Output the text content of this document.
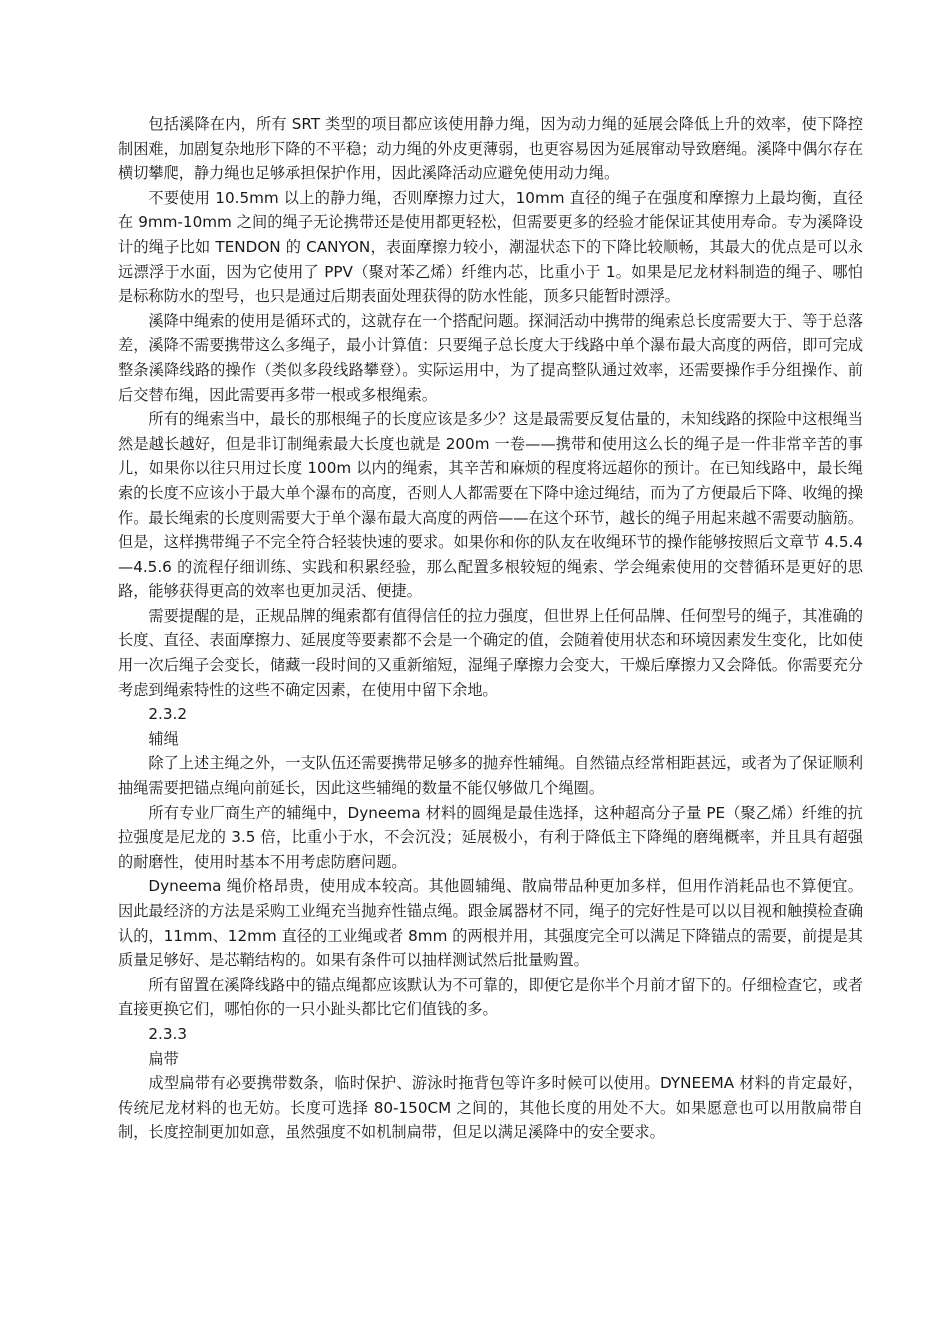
包括溪降在内，所有 SRT 类型的项目都应该使用静力绳，因为动力绳的延展会降低上升的效率，使下降控制困难，加剧复杂地形下降的不平稳；动力绳的外皮更薄弱，也更容易因为延展窜动导致磨绳。溪降中偶尔存在横切攀爬，静力绳也足够承担保护作用，因此溪降活动应避免使用动力绳。

不要使用 10.5mm 以上的静力绳，否则摩擦力过大，10mm 直径的绳子在强度和摩擦力上最均衡，直径在 9mm-10mm 之间的绳子无论携带还是使用都更轻松，但需要更多的经验才能保证其使用寿命。专为溪降设计的绳子比如 TENDON 的 CANYON，表面摩擦力较小，潮湿状态下的下降比较顺畅，其最大的优点是可以永远漂浮于水面，因为它使用了 PPV（聚对苯乙烯）纤维内芯，比重小于 1。如果是尼龙材料制造的绳子、哪怕是标称防水的型号，也只是通过后期表面处理获得的防水性能，顶多只能暂时漂浮。

溪降中绳索的使用是循环式的，这就存在一个搭配问题。探洞活动中携带的绳索总长度需要大于、等于总落差，溪降不需要携带这么多绳子，最小计算值：只要绳子总长度大于线路中单个瀑布最大高度的两倍，即可完成整条溪降线路的操作（类似多段线路攀登）。实际运用中，为了提高整队通过效率，还需要操作手分组操作、前后交替布绳，因此需要再多带一根或多根绳索。

所有的绳索当中，最长的那根绳子的长度应该是多少？这是最需要反复估量的，未知线路的探险中这根绳当然是越长越好，但是非订制绳索最大长度也就是 200m 一卷——携带和使用这么长的绳子是一件非常辛苦的事儿，如果你以往只用过长度 100m 以内的绳索，其辛苦和麻烦的程度将远超你的预计。在已知线路中，最长绳索的长度不应该小于最大单个瀑布的高度，否则人人都需要在下降中途过绳结，而为了方便最后下降、收绳的操作。最长绳索的长度则需要大于单个瀑布最大高度的两倍——在这个环节，越长的绳子用起来越不需要动脑筋。但是，这样携带绳子不完全符合轻装快速的要求。如果你和你的队友在收绳环节的操作能够按照后文章节 4.5.4—4.5.6 的流程仔细训练、实践和积累经验，那么配置多根较短的绳索、学会绳索使用的交替循环是更好的思路，能够获得更高的效率也更加灵活、便捷。

需要提醒的是，正规品牌的绳索都有值得信任的拉力强度，但世界上任何品牌、任何型号的绳子，其准确的长度、直径、表面摩擦力、延展度等要素都不会是一个确定的值，会随着使用状态和环境因素发生变化，比如使用一次后绳子会变长，储藏一段时间的又重新缩短，湿绳子摩擦力会变大，干燥后摩擦力又会降低。你需要充分考虑到绳索特性的这些不确定因素，在使用中留下余地。

2.3.2
辅绳

除了上述主绳之外，一支队伍还需要携带足够多的抛弃性辅绳。自然锚点经常相距甚远，或者为了保证顺利抽绳需要把锚点绳向前延长，因此这些辅绳的数量不能仅够做几个绳圈。

所有专业厂商生产的辅绳中，Dyneema 材料的圆绳是最佳选择，这种超高分子量 PE（聚乙烯）纤维的抗拉强度是尼龙的 3.5 倍，比重小于水，不会沉没；延展极小，有利于降低主下降绳的磨绳概率，并且具有超强的耐磨性，使用时基本不用考虑防磨问题。

Dyneema 绳价格昂贵，使用成本较高。其他圆辅绳、散扁带品种更加多样，但用作消耗品也不算便宜。因此最经济的方法是采购工业绳充当抛弃性锚点绳。跟金属器材不同，绳子的完好性是可以以目视和触摸检查确认的，11mm、12mm 直径的工业绳或者 8mm 的两根并用，其强度完全可以满足下降锚点的需要，前提是其质量足够好、是芯鞘结构的。如果有条件可以抽样测试然后批量购置。

所有留置在溪降线路中的锚点绳都应该默认为不可靠的，即便它是你半个月前才留下的。仔细检查它，或者直接更换它们，哪怕你的一只小趾头都比它们值钱的多。

2.3.3
扁带

成型扁带有必要携带数条，临时保护、游泳时拖背包等许多时候可以使用。DYNEEMA 材料的肯定最好，传统尼龙材料的也无妨。长度可选择 80-150CM 之间的，其他长度的用处不大。如果愿意也可以用散扁带自制，长度控制更加如意，虽然强度不如机制扁带，但足以满足溪降中的安全要求。
